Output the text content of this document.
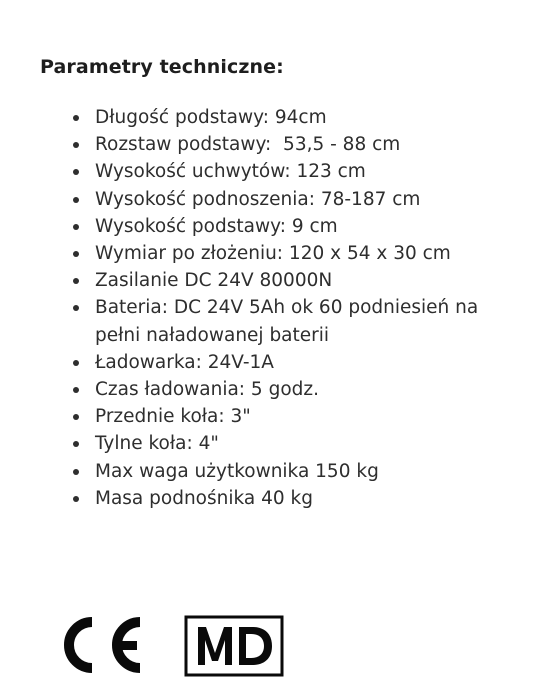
Parametry techniczne:
Długość podstawy: 94cm
Rozstaw podstawy:  53,5 - 88 cm
Wysokość uchwytów: 123 cm
Wysokość podnoszenia: 78-187 cm
Wysokość podstawy: 9 cm
Wymiar po złożeniu: 120 x 54 x 30 cm
Zasilanie DC 24V 80000N
Bateria: DC 24V 5Ah ok 60 podniesień na pełni naładowanej baterii
Ładowarka: 24V-1A
Czas ładowania: 5 godz.
Przednie koła: 3"
Tylne koła: 4"
Max waga użytkownika 150 kg
Masa podnośnika 40 kg
